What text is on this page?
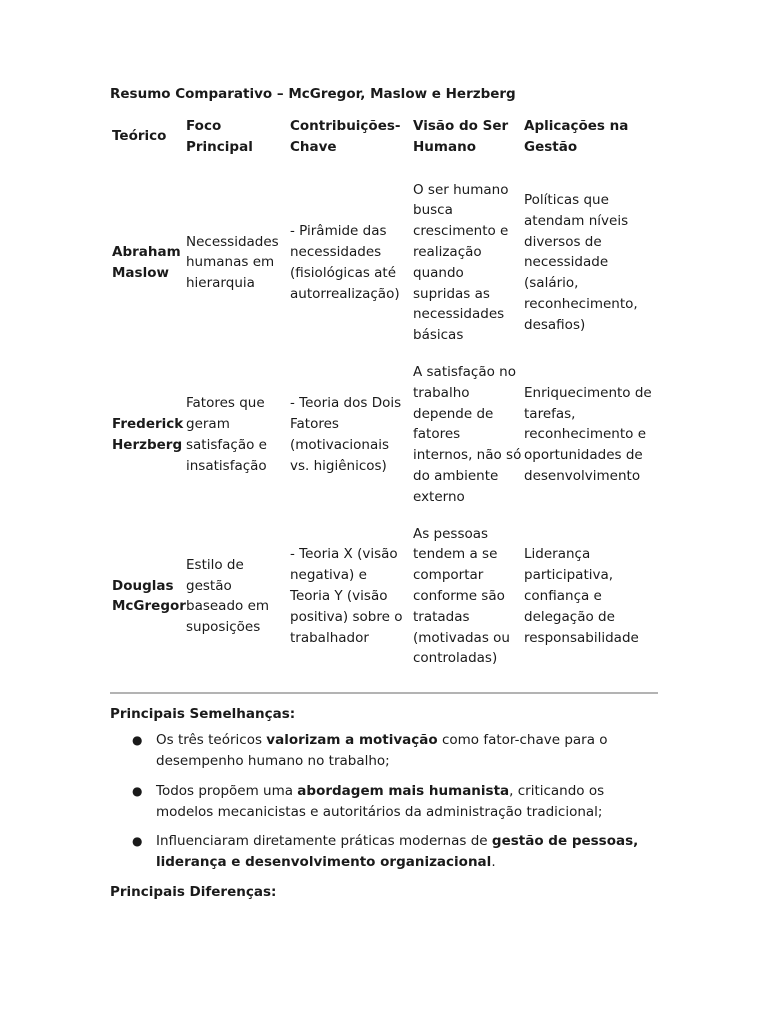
Resumo Comparativo – McGregor, Maslow e Herzberg

Teórico	Foco Principal	Contribuições-Chave	Visão do Ser Humano	Aplicações na Gestão
Abraham Maslow	Necessidades humanas em hierarquia	- Pirâmide das necessidades (fisiológicas até autorrealização)	O ser humano busca crescimento e realização quando supridas as necessidades básicas	Políticas que atendam níveis diversos de necessidade (salário, reconhecimento, desafios)
Frederick Herzberg	Fatores que geram satisfação e insatisfação	- Teoria dos Dois Fatores (motivacionais vs. higiênicos)	A satisfação no trabalho depende de fatores internos, não só do ambiente externo	Enriquecimento de tarefas, reconhecimento e oportunidades de desenvolvimento
Douglas McGregor	Estilo de gestão baseado em suposições	- Teoria X (visão negativa) e Teoria Y (visão positiva) sobre o trabalhador	As pessoas tendem a se comportar conforme são tratadas (motivadas ou controladas)	Liderança participativa, confiança e delegação de responsabilidade

Principais Semelhanças:

● Os três teóricos valorizam a motivação como fator-chave para o desempenho humano no trabalho;
● Todos propõem uma abordagem mais humanista, criticando os modelos mecanicistas e autoritários da administração tradicional;
● Influenciaram diretamente práticas modernas de gestão de pessoas, liderança e desenvolvimento organizacional.

Principais Diferenças:
